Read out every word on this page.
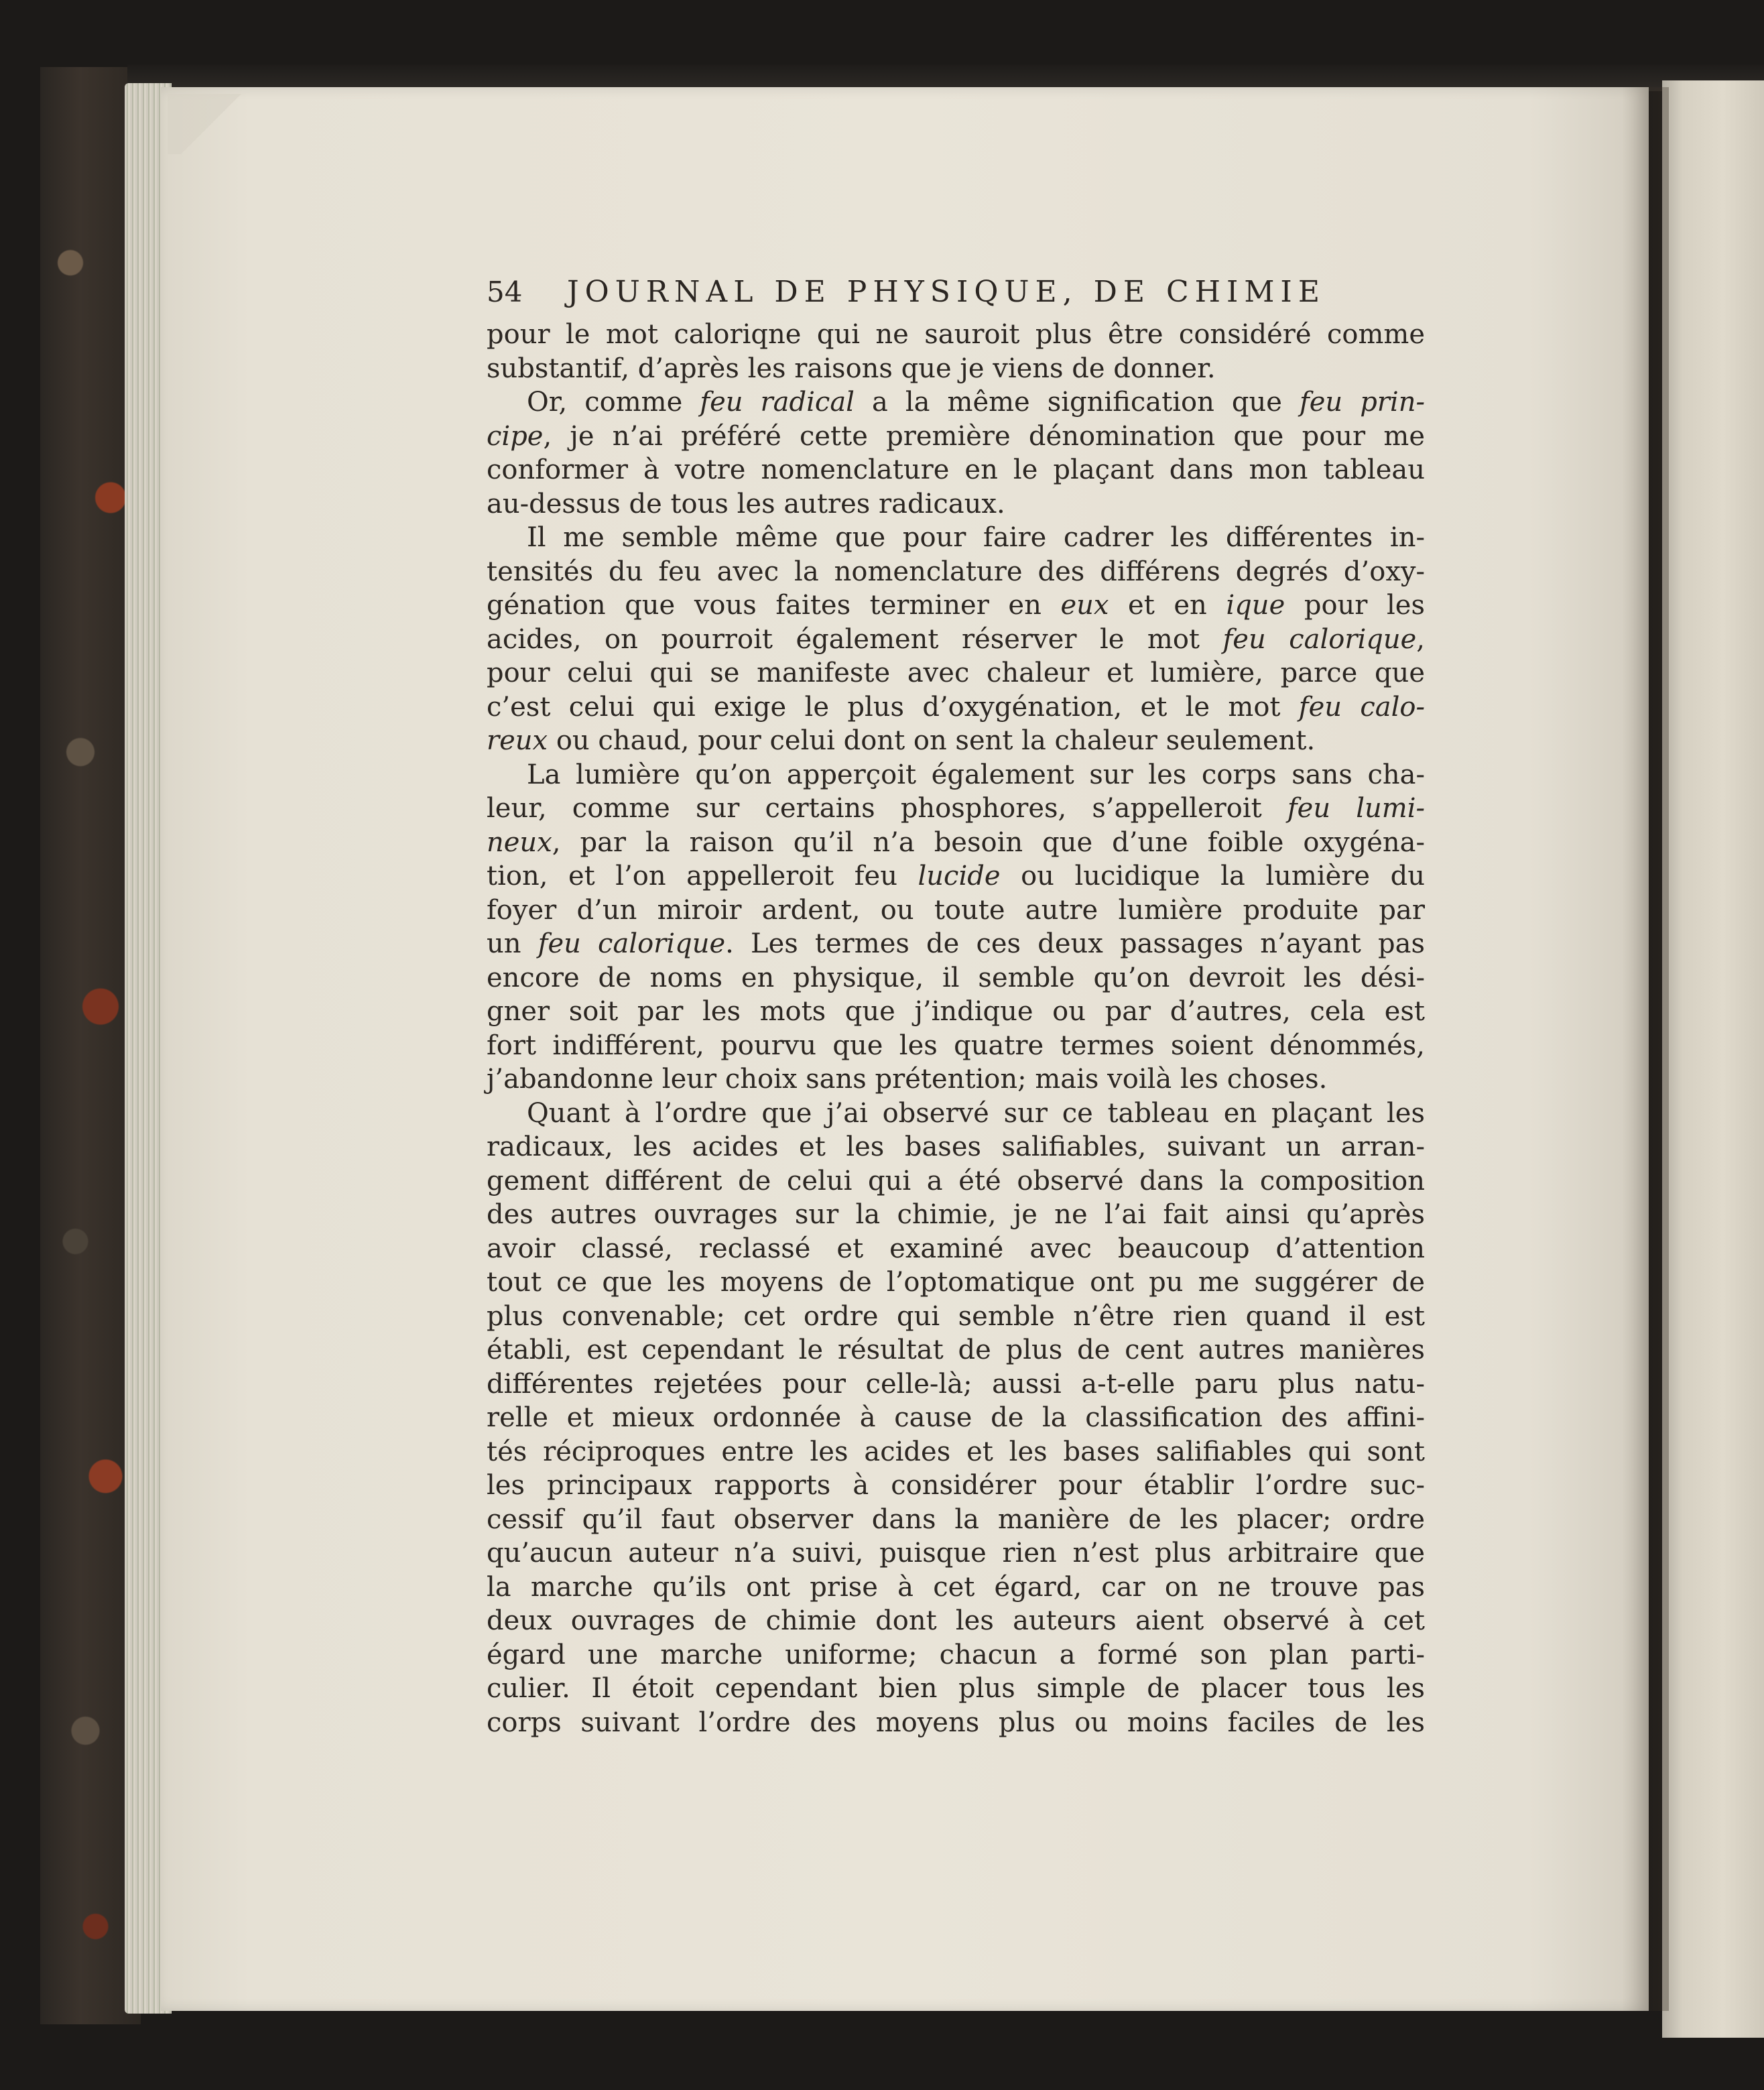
54	JOURNAL DE PHYSIQUE, DE CHIMIE
pour le mot caloriqne qui ne sauroit plus être considéré comme
substantif, d’après les raisons que je viens de donner.
Or, comme feu radical a la même signification que feu prin-
cipe, je n’ai préféré cette première dénomination que pour me
conformer à votre nomenclature en le plaçant dans mon tableau
au-dessus de tous les autres radicaux.
Il me semble même que pour faire cadrer les différentes in-
tensités du feu avec la nomenclature des différens degrés d’oxy-
génation que vous faites terminer en eux et en ique pour les
acides, on pourroit également réserver le mot feu calorique,
pour celui qui se manifeste avec chaleur et lumière, parce que
c’est celui qui exige le plus d’oxygénation, et le mot feu calo-
reux ou chaud, pour celui dont on sent la chaleur seulement.
La lumière qu’on apperçoit également sur les corps sans cha-
leur, comme sur certains phosphores, s’appelleroit feu lumi-
neux, par la raison qu’il n’a besoin que d’une foible oxygéna-
tion, et l’on appelleroit feu lucide ou lucidique la lumière du
foyer d’un miroir ardent, ou toute autre lumière produite par
un feu calorique. Les termes de ces deux passages n’ayant pas
encore de noms en physique, il semble qu’on devroit les dési-
gner soit par les mots que j’indique ou par d’autres, cela est
fort indifférent, pourvu que les quatre termes soient dénommés,
j’abandonne leur choix sans prétention; mais voilà les choses.
Quant à l’ordre que j’ai observé sur ce tableau en plaçant les
radicaux, les acides et les bases salifiables, suivant un arran-
gement différent de celui qui a été observé dans la composition
des autres ouvrages sur la chimie, je ne l’ai fait ainsi qu’après
avoir classé, reclassé et examiné avec beaucoup d’attention
tout ce que les moyens de l’optomatique ont pu me suggérer de
plus convenable; cet ordre qui semble n’être rien quand il est
établi, est cependant le résultat de plus de cent autres manières
différentes rejetées pour celle-là; aussi a-t-elle paru plus natu-
relle et mieux ordonnée à cause de la classification des affini-
tés réciproques entre les acides et les bases salifiables qui sont
les principaux rapports à considérer pour établir l’ordre suc-
cessif qu’il faut observer dans la manière de les placer; ordre
qu’aucun auteur n’a suivi, puisque rien n’est plus arbitraire que
la marche qu’ils ont prise à cet égard, car on ne trouve pas
deux ouvrages de chimie dont les auteurs aient observé à cet
égard une marche uniforme; chacun a formé son plan parti-
culier. Il étoit cependant bien plus simple de placer tous les
corps suivant l’ordre des moyens plus ou moins faciles de les
